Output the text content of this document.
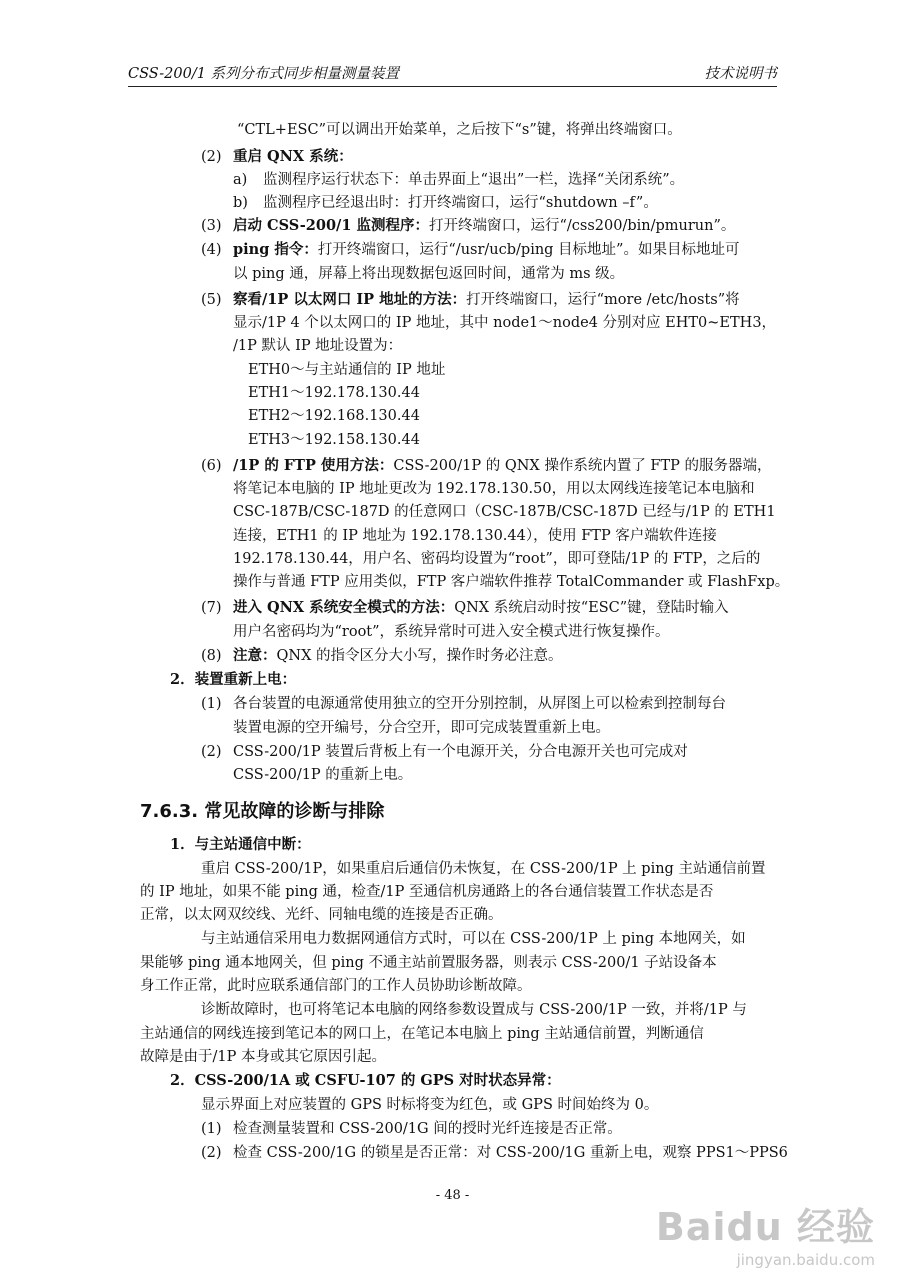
CSS-200/1 系列分布式同步相量测量装置	技术说明书
“CTL+ESC”可以调出开始菜单，之后按下“s”键，将弹出终端窗口。
(2) 重启 QNX 系统：
a) 监测程序运行状态下：单击界面上“退出”一栏，选择“关闭系统”。
b) 监测程序已经退出时：打开终端窗口，运行“shutdown –f”。
(3) 启动 CSS-200/1 监测程序：打开终端窗口，运行“/css200/bin/pmurun”。
(4) ping 指令：打开终端窗口，运行“/usr/ucb/ping 目标地址”。如果目标地址可
以 ping 通，屏幕上将出现数据包返回时间，通常为 ms 级。
(5) 察看/1P 以太网口 IP 地址的方法：打开终端窗口，运行“more /etc/hosts”将
显示/1P 4 个以太网口的 IP 地址，其中 node1～node4 分别对应 EHT0~ETH3，
/1P 默认 IP 地址设置为：
ETH0～与主站通信的 IP 地址
ETH1～192.178.130.44
ETH2～192.168.130.44
ETH3～192.158.130.44
(6) /1P 的 FTP 使用方法：CSS-200/1P 的 QNX 操作系统内置了 FTP 的服务器端，
将笔记本电脑的 IP 地址更改为 192.178.130.50，用以太网线连接笔记本电脑和
CSC-187B/CSC-187D 的任意网口（CSC-187B/CSC-187D 已经与/1P 的 ETH1
连接，ETH1 的 IP 地址为 192.178.130.44），使用 FTP 客户端软件连接
192.178.130.44，用户名、密码均设置为“root”，即可登陆/1P 的 FTP，之后的
操作与普通 FTP 应用类似，FTP 客户端软件推荐 TotalCommander 或 FlashFxp。
(7) 进入 QNX 系统安全模式的方法：QNX 系统启动时按“ESC”键，登陆时输入
用户名密码均为“root”，系统异常时可进入安全模式进行恢复操作。
(8) 注意：QNX 的指令区分大小写，操作时务必注意。
2．装置重新上电：
(1) 各台装置的电源通常使用独立的空开分别控制，从屏图上可以检索到控制每台
装置电源的空开编号，分合空开，即可完成装置重新上电。
(2) CSS-200/1P 装置后背板上有一个电源开关，分合电源开关也可完成对
CSS-200/1P 的重新上电。
7.6.3. 常见故障的诊断与排除
1．与主站通信中断：
重启 CSS-200/1P，如果重启后通信仍未恢复，在 CSS-200/1P 上 ping 主站通信前置
的 IP 地址，如果不能 ping 通，检查/1P 至通信机房通路上的各台通信装置工作状态是否
正常，以太网双绞线、光纤、同轴电缆的连接是否正确。
与主站通信采用电力数据网通信方式时，可以在 CSS-200/1P 上 ping 本地网关，如
果能够 ping 通本地网关，但 ping 不通主站前置服务器，则表示 CSS-200/1 子站设备本
身工作正常，此时应联系通信部门的工作人员协助诊断故障。
诊断故障时，也可将笔记本电脑的网络参数设置成与 CSS-200/1P 一致，并将/1P 与
主站通信的网线连接到笔记本的网口上，在笔记本电脑上 ping 主站通信前置，判断通信
故障是由于/1P 本身或其它原因引起。
2．CSS-200/1A 或 CSFU-107 的 GPS 对时状态异常：
显示界面上对应装置的 GPS 时标将变为红色，或 GPS 时间始终为 0。
(1) 检查测量装置和 CSS-200/1G 间的授时光纤连接是否正常。
(2) 检查 CSS-200/1G 的锁星是否正常：对 CSS-200/1G 重新上电，观察 PPS1～PPS6
- 48 -
Baidu 经验
jingyan.baidu.com
